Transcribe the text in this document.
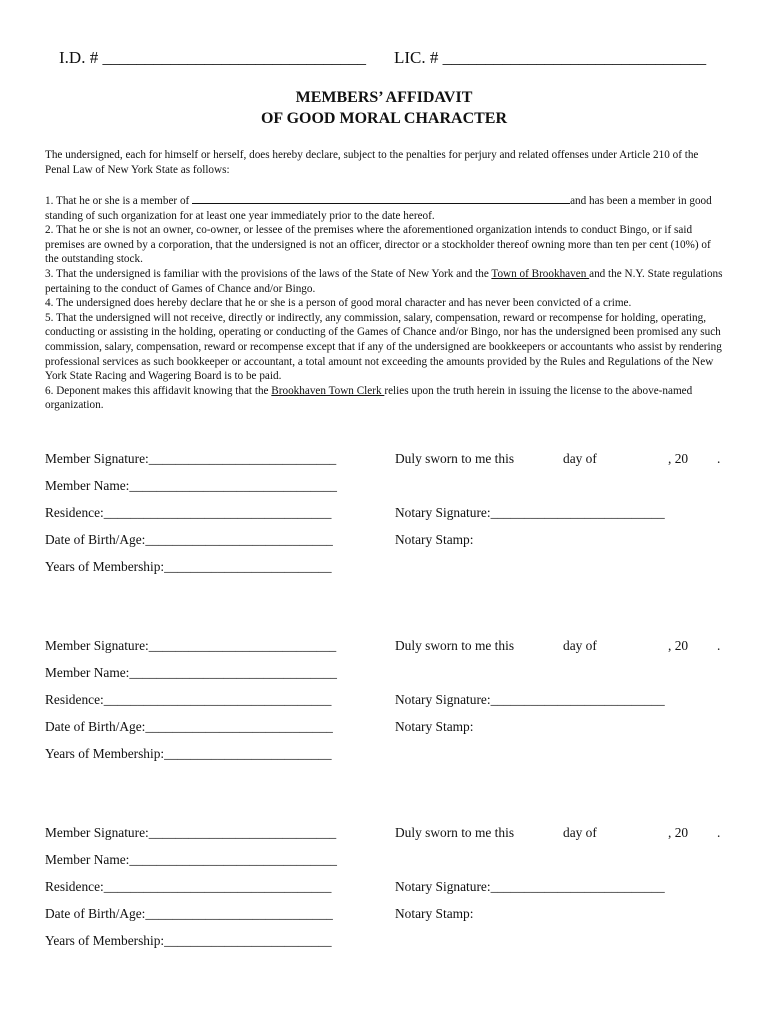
I.D. # _______________________________ LIC. # _______________________________
MEMBERS’ AFFIDAVIT
OF GOOD MORAL CHARACTER

The undersigned, each for himself or herself, does hereby declare, subject to the penalties for perjury and related offenses under Article 210 of the Penal Law of New York State as follows:

1. That he or she is a member of	and has been a member in good standing of such organization for at least one year immediately prior to the date hereof.

2. That he or she is not an owner, co-owner, or lessee of the premises where the aforementioned organization intends to conduct Bingo, or if said premises are owned by a corporation, that the undersigned is not an officer, director or a stockholder thereof owning more than ten per cent (10%) of the outstanding stock.

3. That the undersigned is familiar with the provisions of the laws of the State of New York and the Town of Brookhaven and the N.Y. State regulations pertaining to the conduct of Games of Chance and/or Bingo.

4. The undersigned does hereby declare that he or she is a person of good moral character and has never been convicted of a crime.

5. That the undersigned will not receive, directly or indirectly, any commission, salary, compensation, reward or recompense for holding, operating, conducting or assisting in the holding, operating or conducting of the Games of Chance and/or Bingo, nor has the undersigned been promised any such commission, salary, compensation, reward or recompense except that if any of the undersigned are bookkeepers or accountants who assist by rendering professional services as such bookkeeper or accountant, a total amount not exceeding the amounts provided by the Rules and Regulations of the New York State Racing and Wagering Board is to be paid.

6. Deponent makes this affidavit knowing that the Brookhaven Town Clerk relies upon the truth herein in issuing the license to the above-named organization.

Member Signature:____________________________	Duly sworn to me this	day of	, 20 .
Member Name:_______________________________
Residence:__________________________________	Notary Signature:__________________________
Date of Birth/Age:____________________________	Notary Stamp:
Years of Membership:_________________________
Member Signature:____________________________	Duly sworn to me this	day of	, 20 .
Member Name:_______________________________
Residence:__________________________________	Notary Signature:__________________________
Date of Birth/Age:____________________________	Notary Stamp:
Years of Membership:_________________________
Member Signature:____________________________	Duly sworn to me this	day of	, 20 .
Member Name:_______________________________
Residence:__________________________________	Notary Signature:__________________________
Date of Birth/Age:____________________________	Notary Stamp:
Years of Membership:_________________________
